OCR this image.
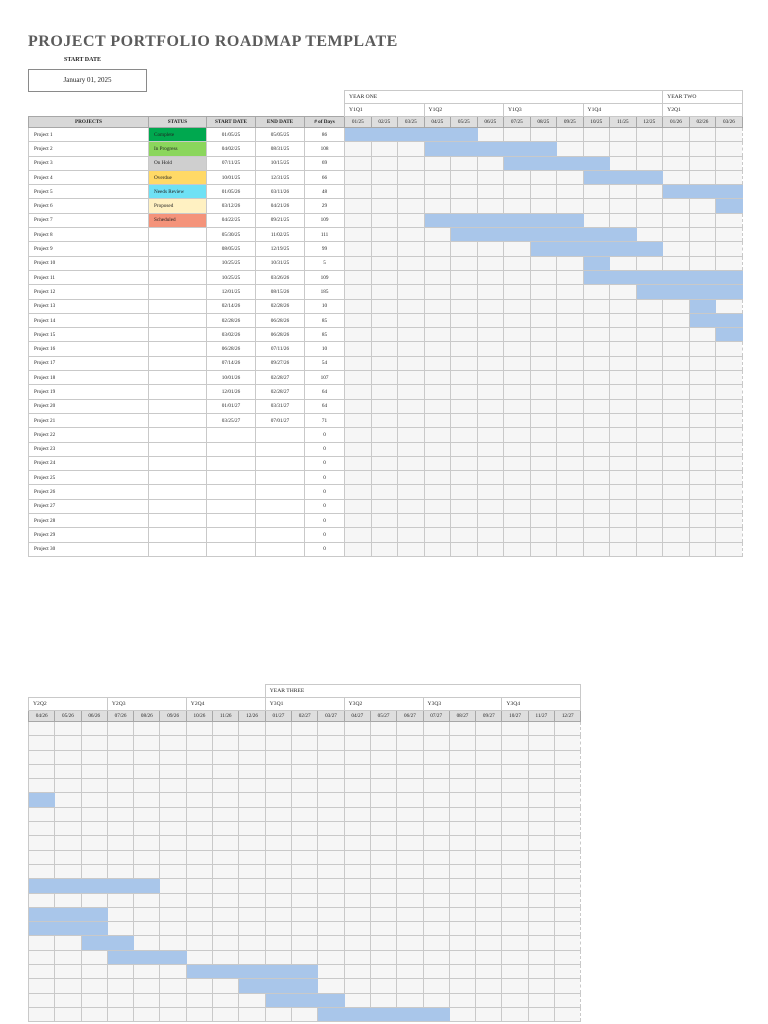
PROJECT PORTFOLIO ROADMAP TEMPLATE
START DATE
January 01, 2025
					YEAR ONE												YEAR TWO		
					Y1Q1			Y1Q2			Y1Q3			Y1Q4			Y2Q1		
PROJECTS	STATUS	START DATE	END DATE	# of Days	01/25	02/25	03/25	04/25	05/25	06/25	07/25	08/25	09/25	10/25	11/25	12/25	01/26	02/26	03/26
Project 1	Complete	01/05/25	05/05/25	86															
Project 2	In Progress	04/02/25	08/31/25	108															
Project 3	On Hold	07/11/25	10/15/25	69															
Project 4	Overdue	10/01/25	12/31/25	66															
Project 5	Needs Review	01/05/26	03/11/26	48															
Project 6	Proposed	03/12/26	04/21/26	29															
Project 7	Scheduled	04/22/25	09/21/25	109															
Project 8		05/30/25	11/02/25	111															
Project 9		08/05/25	12/19/25	99															
Project 10		10/25/25	10/31/25	5															
Project 11		10/25/25	03/26/26	109															
Project 12		12/01/25	08/15/26	185															
Project 13		02/14/26	02/28/26	10															
Project 14		02/28/26	06/28/26	85															
Project 15		03/02/26	06/28/26	85															
Project 16		06/28/26	07/11/26	10															
Project 17		07/14/26	09/27/26	54															
Project 18		10/01/26	02/28/27	107															
Project 19		12/01/26	02/28/27	64															
Project 20		01/01/27	03/31/27	64															
Project 21		03/25/27	07/01/27	71															
Project 22				0															
Project 23				0															
Project 24				0															
Project 25				0															
Project 26				0															
Project 27				0															
Project 28				0															
Project 29				0															
Project 30				0															
									YEAR THREE											
Y2Q2			Y2Q3			Y2Q4			Y3Q1			Y3Q2			Y3Q3			Y3Q4		
04/26	05/26	06/26	07/26	08/26	09/26	10/26	11/26	12/26	01/27	02/27	03/27	04/27	05/27	06/27	07/27	08/27	09/27	10/27	11/27	12/27
